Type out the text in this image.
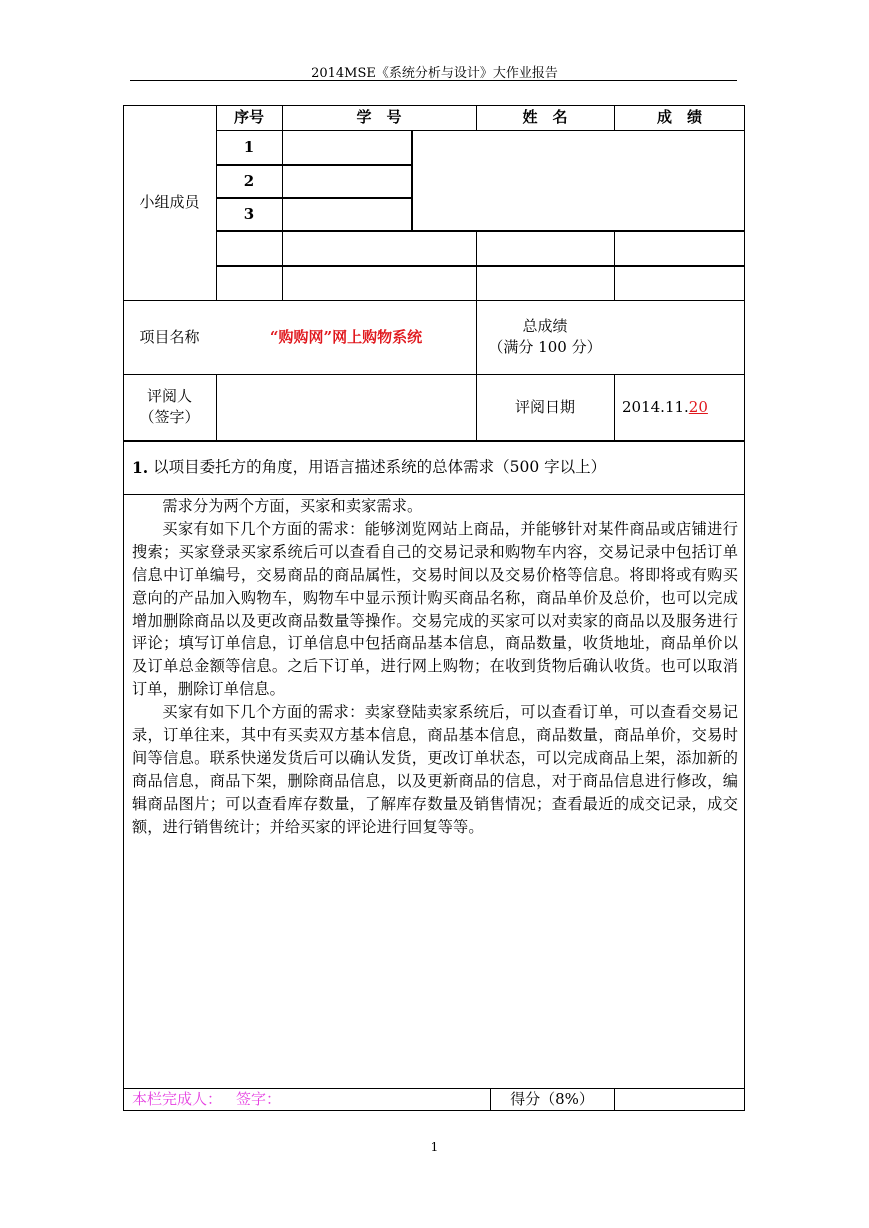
2014MSE《系统分析与设计》大作业报告
小组成员
序号	学　号	姓　名	成　绩
1
2
3
项目名称	“购购网”网上购物系统
总成绩
（满分 100 分）
评阅人
（签字）
评阅日期	2014.11. 20
1.
以项目委托方的角度，用语言描述系统的总体需求（500 字以上）

需求分为两个方面，买家和卖家需求。

买家有如下几个方面的需求：能够浏览网站上商品，并能够针对某件商品或店铺进行搜索；买家登录买家系统后可以查看自己的交易记录和购物车内容，交易记录中包括订单信息中订单编号，交易商品的商品属性，交易时间以及交易价格等信息。将即将或有购买意向的产品加入购物车，购物车中显示预计购买商品名称，商品单价及总价，也可以完成增加删除商品以及更改商品数量等操作。交易完成的买家可以对卖家的商品以及服务进行评论；填写订单信息，订单信息中包括商品基本信息，商品数量，收货地址，商品单价以及订单总金额等信息。之后下订单，进行网上购物；在收到货物后确认收货。也可以取消订单，删除订单信息。

买家有如下几个方面的需求：卖家登陆卖家系统后，可以查看订单，可以查看交易记录，订单往来，其中有买卖双方基本信息，商品基本信息，商品数量，商品单价，交易时间等信息。联系快递发货后可以确认发货，更改订单状态，可以完成商品上架，添加新的商品信息，商品下架，删除商品信息，以及更新商品的信息，对于商品信息进行修改，编辑商品图片；可以查看库存数量，了解库存数量及销售情况；查看最近的成交记录，成交额，进行销售统计；并给买家的评论进行回复等等。

本栏完成人： 签字：	得分（8%）
1
